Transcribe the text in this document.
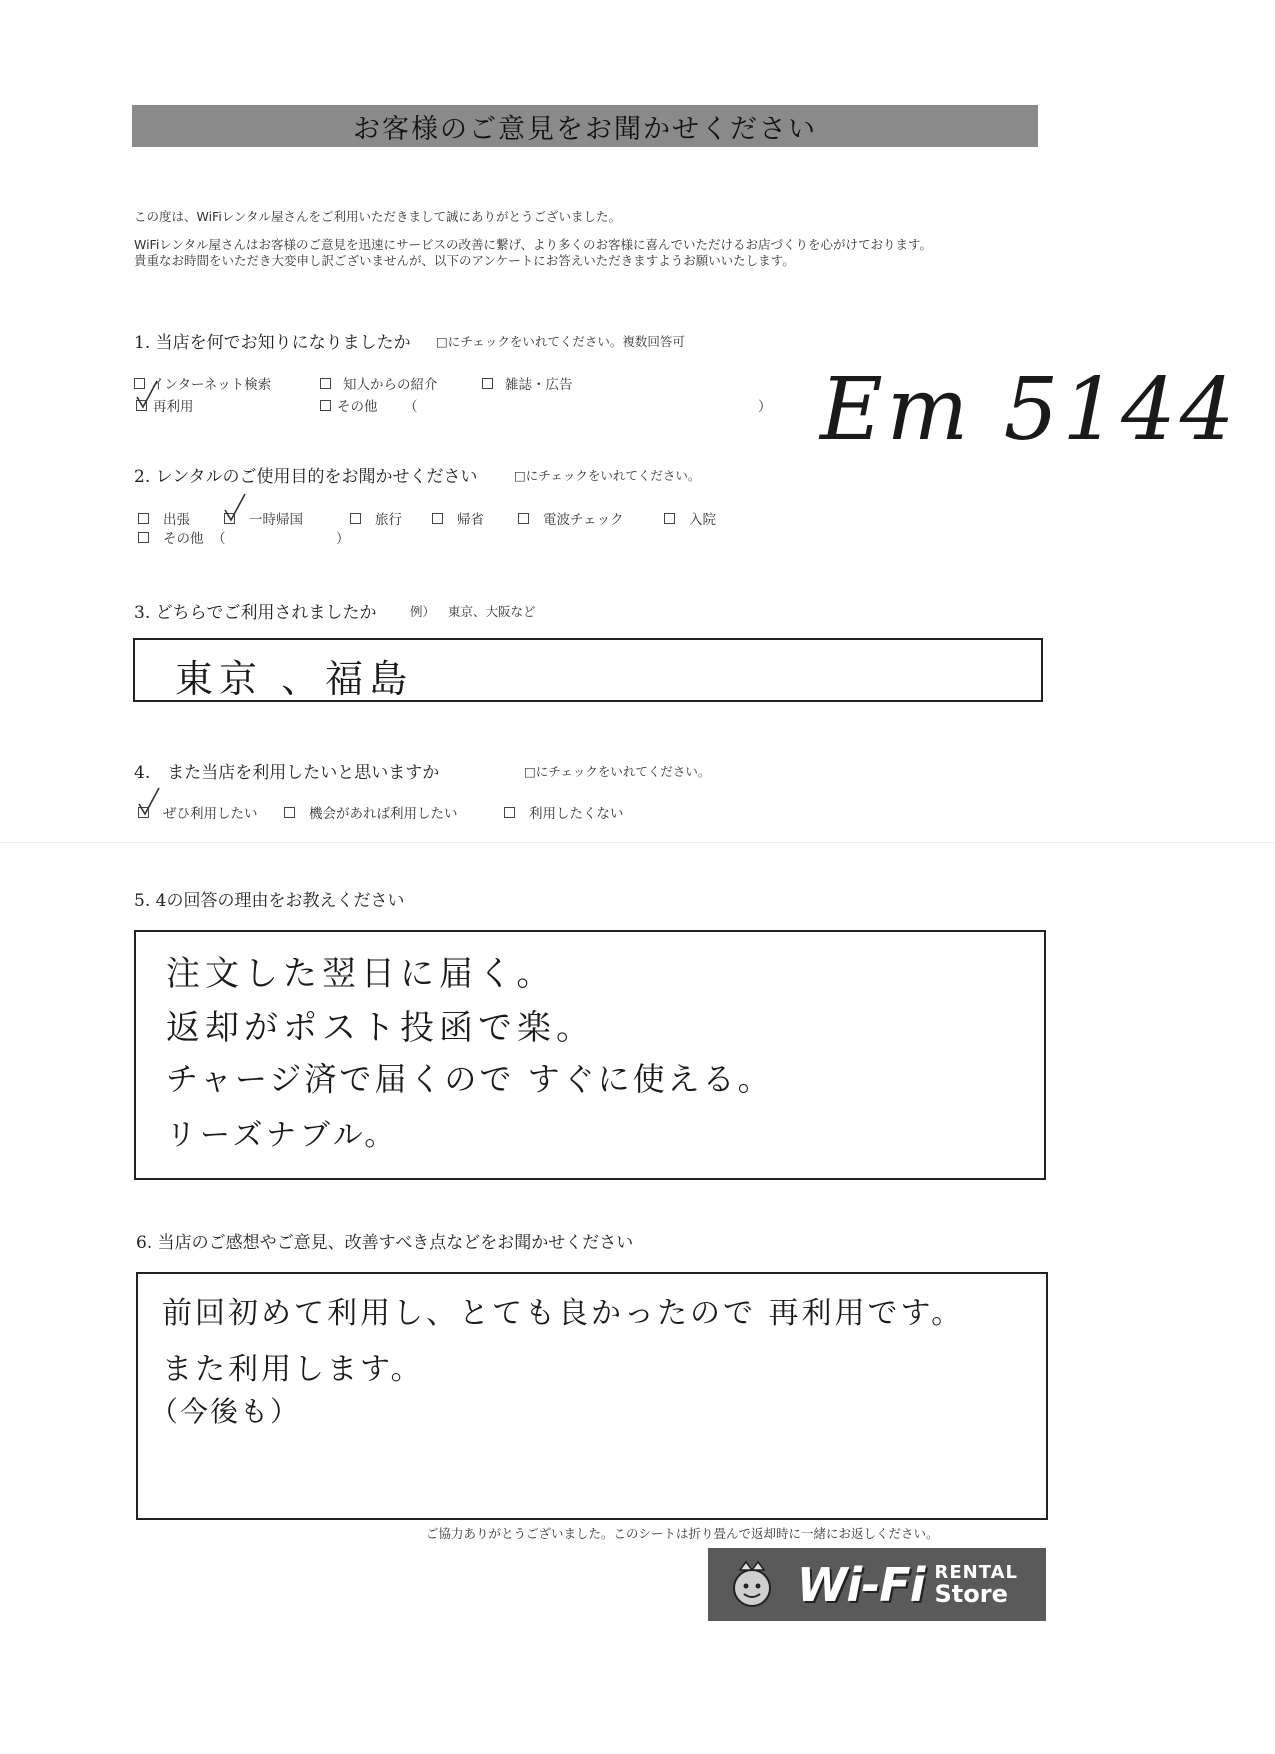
お客様のご意見をお聞かせください
この度は、WiFiレンタル屋さんをご利用いただきまして誠にありがとうございました。
WiFiレンタル屋さんはお客様のご意見を迅速にサービスの改善に繋げ、より多くのお客様に喜んでいただけるお店づくりを心がけております。
貴重なお時間をいただき大変申し訳ございませんが、以下のアンケートにお答えいただきますようお願いいたします。
Em 5144
1. 当店を何でお知りになりましたか □にチェックをいれてください。複数回答可
インターネット検索	知人からの紹介	雑誌・広告
再利用	その他 （	）
2. レンタルのご使用目的をお聞かせください	□にチェックをいれてください。
出張	一時帰国	旅行	帰省	電波チェック	入院
その他 （	）
3. どちらでご利用されましたか	例） 東京、大阪など
東京 、福島
4.　また当店を利用したいと思いますか	□にチェックをいれてください。
ぜひ利用したい	機会があれば利用したい	利用したくない
5. 4の回答の理由をお教えください
注文した翌日に届く。
返却がポスト投函で楽。
チャージ済で届くので すぐに使える。
リーズナブル。
6. 当店のご感想やご意見、改善すべき点などをお聞かせください
前回初めて利用し、とても良かったので 再利用です。
また利用します。
（今後も）
ご協力ありがとうございました。このシートは折り畳んで返却時に一緒にお返しください。
Wi-Fi RENTAL
Store
